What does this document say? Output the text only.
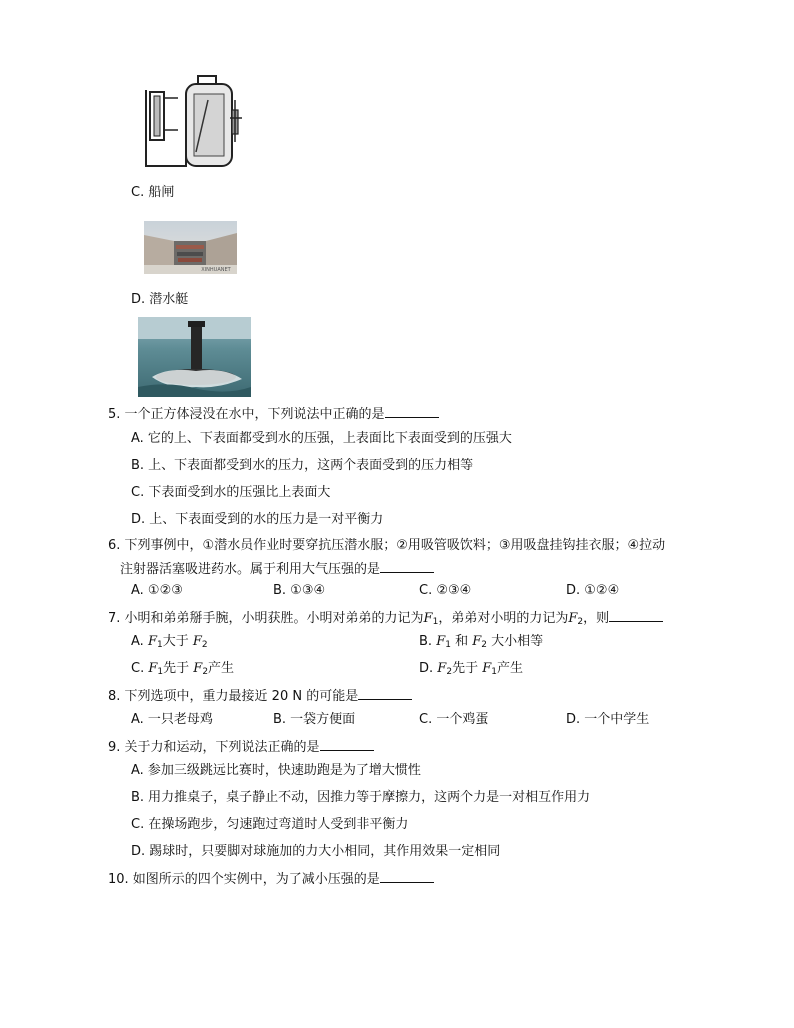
C. 船闸
XINHUANET
D. 潜水艇
5. 一个正方体浸没在水中，下列说法中正确的是
A. 它的上、下表面都受到水的压强，上表面比下表面受到的压强大
B. 上、下表面都受到水的压力，这两个表面受到的压力相等
C. 下表面受到水的压强比上表面大
D. 上、下表面受到的水的压力是一对平衡力
6. 下列事例中，①潜水员作业时要穿抗压潜水服；②用吸管吸饮料；③用吸盘挂钩挂衣服；④拉动
注射器活塞吸进药水。属于利用大气压强的是
A. ①②③	B. ①③④	C. ②③④	D. ①②④
7. 小明和弟弟掰手腕，小明获胜。小明对弟弟的力记为$F_1$，弟弟对小明的力记为$F_2$，则
A. $F_1$大于 $F_2$	B. $F_1$ 和 $F_2$ 大小相等
C. $F_1$先于 $F_2$产生	D. $F_2$先于 $F_1$产生
8. 下列选项中，重力最接近 20 N 的可能是
A. 一只老母鸡	B. 一袋方便面	C. 一个鸡蛋	D. 一个中学生
9. 关于力和运动，下列说法正确的是
A. 参加三级跳远比赛时，快速助跑是为了增大惯性
B. 用力推桌子，桌子静止不动，因推力等于摩擦力，这两个力是一对相互作用力
C. 在操场跑步，匀速跑过弯道时人受到非平衡力
D. 踢球时，只要脚对球施加的力大小相同，其作用效果一定相同
10. 如图所示的四个实例中，为了减小压强的是
